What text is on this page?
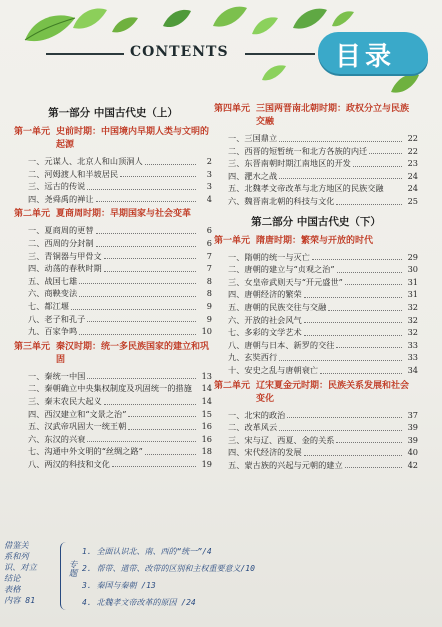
CONTENTS	目录
第一部分 中国古代史（上）
第一单元 史前时期：中国境内早期人类与文明的起源
一、元谋人、北京人和山顶洞人	2
二、河姆渡人和半坡居民	3
三、远古的传说	3
四、尧舜禹的禅让	4
第二单元 夏商周时期：早期国家与社会变革
一、夏商周的更替	6
二、西周的分封制	6
三、青铜器与甲骨文	7
四、动荡的春秋时期	7
五、战国七雄	8
六、商鞅变法	8
七、都江堰	9
八、老子和孔子	9
九、百家争鸣	10
第三单元 秦汉时期：统一多民族国家的建立和巩固
一、秦统一中国	13
二、秦朝确立中央集权制度及巩固统一的措施	14
三、秦末农民大起义	14
四、西汉建立和“文景之治”	15
五、汉武帝巩固大一统王朝	16
六、东汉的兴衰	16
七、沟通中外文明的“丝绸之路”	18
八、两汉的科技和文化	19
第四单元 三国两晋南北朝时期：政权分立与民族交融
一、三国鼎立	22
二、西晋的短暂统一和北方各族的内迁	22
三、东晋南朝时期江南地区的开发	23
四、淝水之战	24
五、北魏孝文帝改革与北方地区的民族交融	24
六、魏晋南北朝的科技与文化	25
第二部分 中国古代史（下）
第一单元 隋唐时期：繁荣与开放的时代
一、隋朝的统一与灭亡	29
二、唐朝的建立与“贞观之治”	30
三、女皇帝武则天与“开元盛世”	31
四、唐朝经济的繁荣	31
五、唐朝的民族交往与交融	32
六、开放的社会风气	32
七、多彩的文学艺术	32
八、唐朝与日本、新罗的交往	33
九、玄奘西行	33
十、安史之乱与唐朝衰亡	34
第二单元 辽宋夏金元时期：民族关系发展和社会变化
一、北宋的政治	37
二、改革风云	39
三、宋与辽、西夏、金的关系	39
四、宋代经济的发展	40
五、蒙古族的兴起与元朝的建立	42
借鉴关
系和列
识、对立
结论
表格
内容 81
专题
1. 全面认识北、南、西的“统一”/4
2. 帮带、道带、改带的区别和主权重要意义/10
3. 秦国与秦朝 /13
4. 北魏孝文帝改革的原因 /24
